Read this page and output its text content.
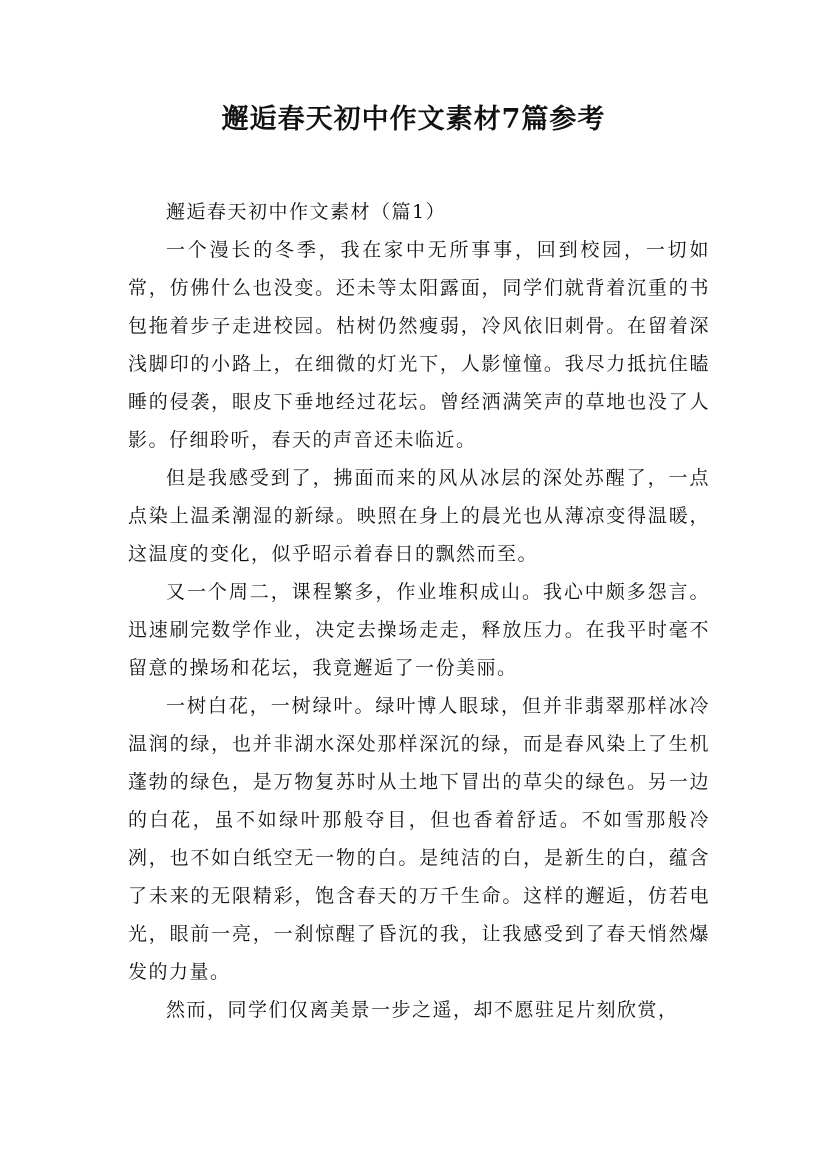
邂逅春天初中作文素材7篇参考

邂逅春天初中作文素材（篇1）

一个漫长的冬季，我在家中无所事事，回到校园，一切如常，仿佛什么也没变。还未等太阳露面，同学们就背着沉重的书包拖着步子走进校园。枯树仍然瘦弱，冷风依旧刺骨。在留着深浅脚印的小路上，在细微的灯光下，人影憧憧。我尽力抵抗住瞌睡的侵袭，眼皮下垂地经过花坛。曾经洒满笑声的草地也没了人影。仔细聆听，春天的声音还未临近。

但是我感受到了，拂面而来的风从冰层的深处苏醒了，一点点染上温柔潮湿的新绿。映照在身上的晨光也从薄凉变得温暖，这温度的变化，似乎昭示着春日的飘然而至。

又一个周二，课程繁多，作业堆积成山。我心中颇多怨言。迅速刷完数学作业，决定去操场走走，释放压力。在我平时毫不留意的操场和花坛，我竟邂逅了一份美丽。

一树白花，一树绿叶。绿叶博人眼球，但并非翡翠那样冰冷温润的绿，也并非湖水深处那样深沉的绿，而是春风染上了生机蓬勃的绿色，是万物复苏时从土地下冒出的草尖的绿色。另一边的白花，虽不如绿叶那般夺目，但也香着舒适。不如雪那般冷冽，也不如白纸空无一物的白。是纯洁的白，是新生的白，蕴含了未来的无限精彩，饱含春天的万千生命。这样的邂逅，仿若电光，眼前一亮，一刹惊醒了昏沉的我，让我感受到了春天悄然爆发的力量。

然而，同学们仅离美景一步之遥，却不愿驻足片刻欣赏，
